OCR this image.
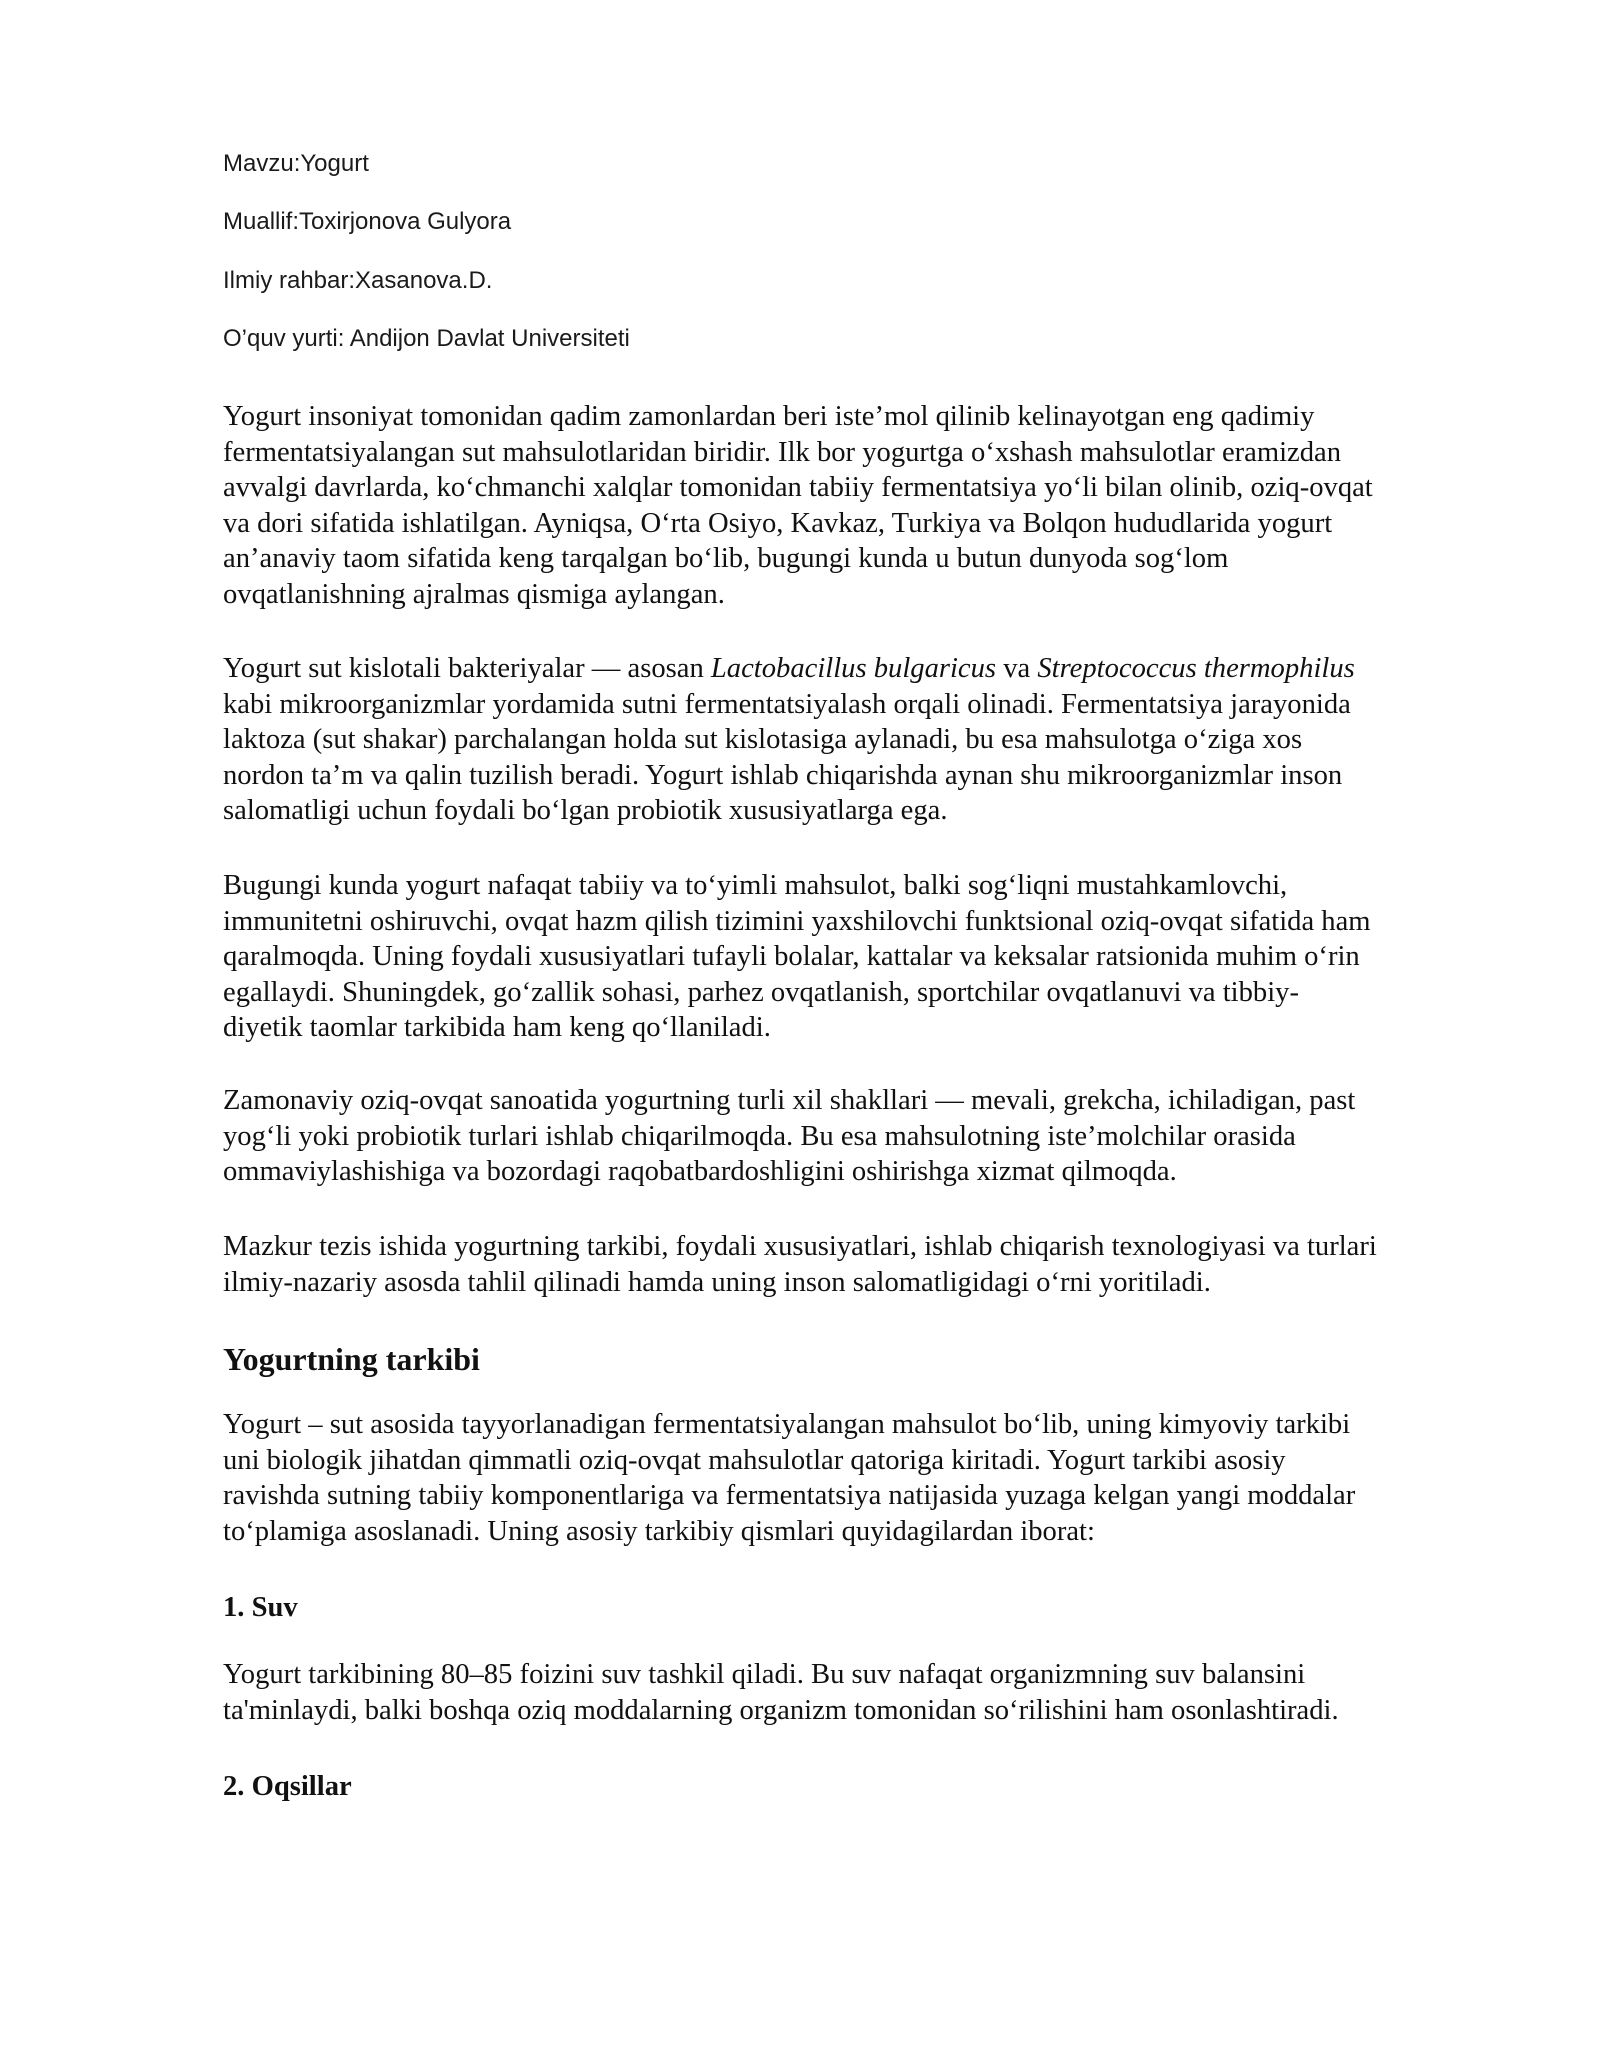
Mavzu:Yogurt
Muallif:Toxirjonova Gulyora
Ilmiy rahbar:Xasanova.D.
O’quv yurti: Andijon Davlat Universiteti
Yogurt insoniyat tomonidan qadim zamonlardan beri iste’mol qilinib kelinayotgan eng qadimiy
fermentatsiyalangan sut mahsulotlaridan biridir. Ilk bor yogurtga o‘xshash mahsulotlar eramizdan
avvalgi davrlarda, ko‘chmanchi xalqlar tomonidan tabiiy fermentatsiya yo‘li bilan olinib, oziq-ovqat
va dori sifatida ishlatilgan. Ayniqsa, O‘rta Osiyo, Kavkaz, Turkiya va Bolqon hududlarida yogurt
an’anaviy taom sifatida keng tarqalgan bo‘lib, bugungi kunda u butun dunyoda sog‘lom
ovqatlanishning ajralmas qismiga aylangan.
Yogurt sut kislotali bakteriyalar — asosan Lactobacillus bulgaricus va Streptococcus thermophilus
kabi mikroorganizmlar yordamida sutni fermentatsiyalash orqali olinadi. Fermentatsiya jarayonida
laktoza (sut shakar) parchalangan holda sut kislotasiga aylanadi, bu esa mahsulotga o‘ziga xos
nordon ta’m va qalin tuzilish beradi. Yogurt ishlab chiqarishda aynan shu mikroorganizmlar inson
salomatligi uchun foydali bo‘lgan probiotik xususiyatlarga ega.
Bugungi kunda yogurt nafaqat tabiiy va to‘yimli mahsulot, balki sog‘liqni mustahkamlovchi,
immunitetni oshiruvchi, ovqat hazm qilish tizimini yaxshilovchi funktsional oziq-ovqat sifatida ham
qaralmoqda. Uning foydali xususiyatlari tufayli bolalar, kattalar va keksalar ratsionida muhim o‘rin
egallaydi. Shuningdek, go‘zallik sohasi, parhez ovqatlanish, sportchilar ovqatlanuvi va tibbiy-
diyetik taomlar tarkibida ham keng qo‘llaniladi.
Zamonaviy oziq-ovqat sanoatida yogurtning turli xil shakllari — mevali, grekcha, ichiladigan, past
yog‘li yoki probiotik turlari ishlab chiqarilmoqda. Bu esa mahsulotning iste’molchilar orasida
ommaviylashishiga va bozordagi raqobatbardoshligini oshirishga xizmat qilmoqda.
Mazkur tezis ishida yogurtning tarkibi, foydali xususiyatlari, ishlab chiqarish texnologiyasi va turlari
ilmiy-nazariy asosda tahlil qilinadi hamda uning inson salomatligidagi o‘rni yoritiladi.
Yogurtning tarkibi
Yogurt – sut asosida tayyorlanadigan fermentatsiyalangan mahsulot bo‘lib, uning kimyoviy tarkibi
uni biologik jihatdan qimmatli oziq-ovqat mahsulotlar qatoriga kiritadi. Yogurt tarkibi asosiy
ravishda sutning tabiiy komponentlariga va fermentatsiya natijasida yuzaga kelgan yangi moddalar
to‘plamiga asoslanadi. Uning asosiy tarkibiy qismlari quyidagilardan iborat:
1. Suv
Yogurt tarkibining 80–85 foizini suv tashkil qiladi. Bu suv nafaqat organizmning suv balansini
ta'minlaydi, balki boshqa oziq moddalarning organizm tomonidan so‘rilishini ham osonlashtiradi.
2. Oqsillar
